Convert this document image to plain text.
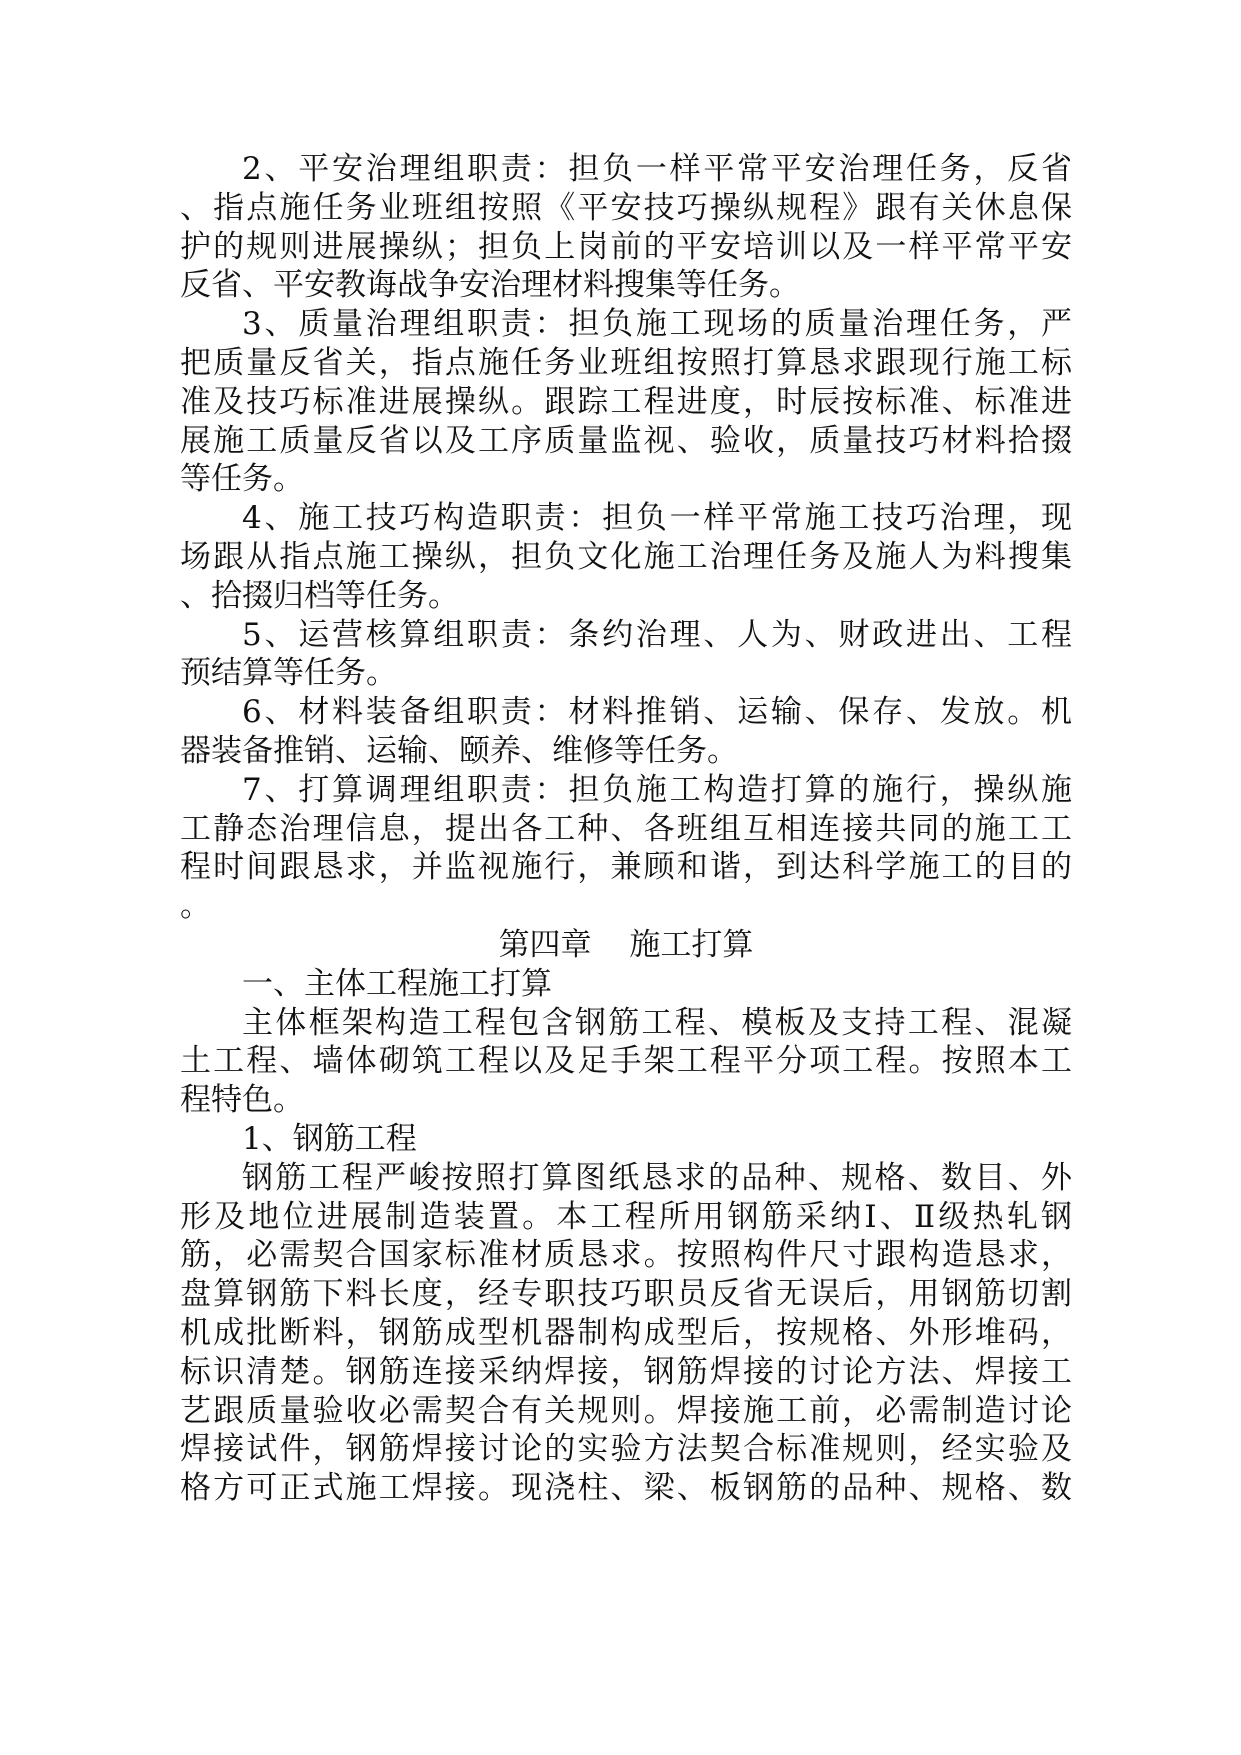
2、平安治理组职责：担负一样平常平安治理任务，反省
、指点施任务业班组按照《平安技巧操纵规程》跟有关休息保
护的规则进展操纵；担负上岗前的平安培训以及一样平常平安
反省、平安教诲战争安治理材料搜集等任务。
3、质量治理组职责：担负施工现场的质量治理任务，严
把质量反省关，指点施任务业班组按照打算恳求跟现行施工标
准及技巧标准进展操纵。跟踪工程进度，时辰按标准、标准进
展施工质量反省以及工序质量监视、验收，质量技巧材料拾掇
等任务。
4、施工技巧构造职责：担负一样平常施工技巧治理，现
场跟从指点施工操纵，担负文化施工治理任务及施人为料搜集
、拾掇归档等任务。
5、运营核算组职责：条约治理、人为、财政进出、工程
预结算等任务。
6、材料装备组职责：材料推销、运输、保存、发放。机
器装备推销、运输、颐养、维修等任务。
7、打算调理组职责：担负施工构造打算的施行，操纵施
工静态治理信息，提出各工种、各班组互相连接共同的施工工
程时间跟恳求，并监视施行，兼顾和谐，到达科学施工的目的
。
第四章 施工打算
一、主体工程施工打算
主体框架构造工程包含钢筋工程、模板及支持工程、混凝
土工程、墙体砌筑工程以及足手架工程平分项工程。按照本工
程特色。
1、钢筋工程
钢筋工程严峻按照打算图纸恳求的品种、规格、数目、外
形及地位进展制造装置。本工程所用钢筋采纳Ⅰ、Ⅱ级热轧钢
筋，必需契合国家标准材质恳求。按照构件尺寸跟构造恳求，
盘算钢筋下料长度，经专职技巧职员反省无误后，用钢筋切割
机成批断料，钢筋成型机器制构成型后，按规格、外形堆码，
标识清楚。钢筋连接采纳焊接，钢筋焊接的讨论方法、焊接工
艺跟质量验收必需契合有关规则。焊接施工前，必需制造讨论
焊接试件，钢筋焊接讨论的实验方法契合标准规则，经实验及
格方可正式施工焊接。现浇柱、梁、板钢筋的品种、规格、数
